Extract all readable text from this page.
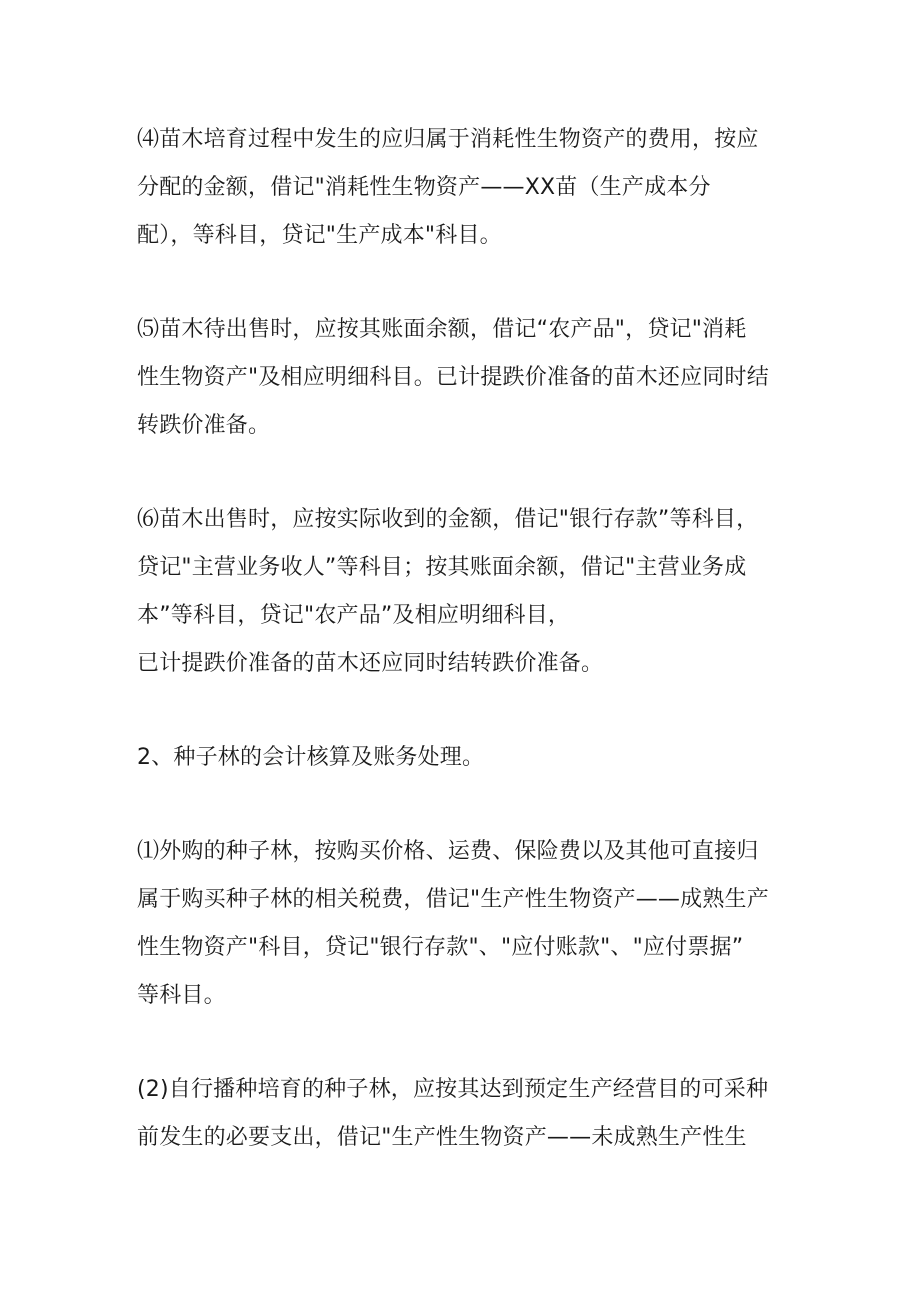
⑷苗木培育过程中发生的应归属于消耗性生物资产的费用，按应
分配的金额，借记"消耗性生物资产——XX苗（生产成本分
配），等科目，贷记"生产成本"科目。
⑸苗木待出售时，应按其账面余额，借记“农产品"，贷记"消耗
性生物资产"及相应明细科目。已计提跌价准备的苗木还应同时结
转跌价准备。
⑹苗木出售时，应按实际收到的金额，借记"银行存款”等科目，
贷记"主营业务收人”等科目；按其账面余额，借记"主营业务成
本”等科目，贷记"农产品”及相应明细科目，
已计提跌价准备的苗木还应同时结转跌价准备。
2、种子林的会计核算及账务处理。
⑴外购的种子林，按购买价格、运费、保险费以及其他可直接归
属于购买种子林的相关税费，借记"生产性生物资产——成熟生产
性生物资产"科目，贷记"银行存款"、"应付账款"、"应付票据”
等科目。
(2)自行播种培育的种子林，应按其达到预定生产经营目的可采种
前发生的必要支出，借记"生产性生物资产——未成熟生产性生
